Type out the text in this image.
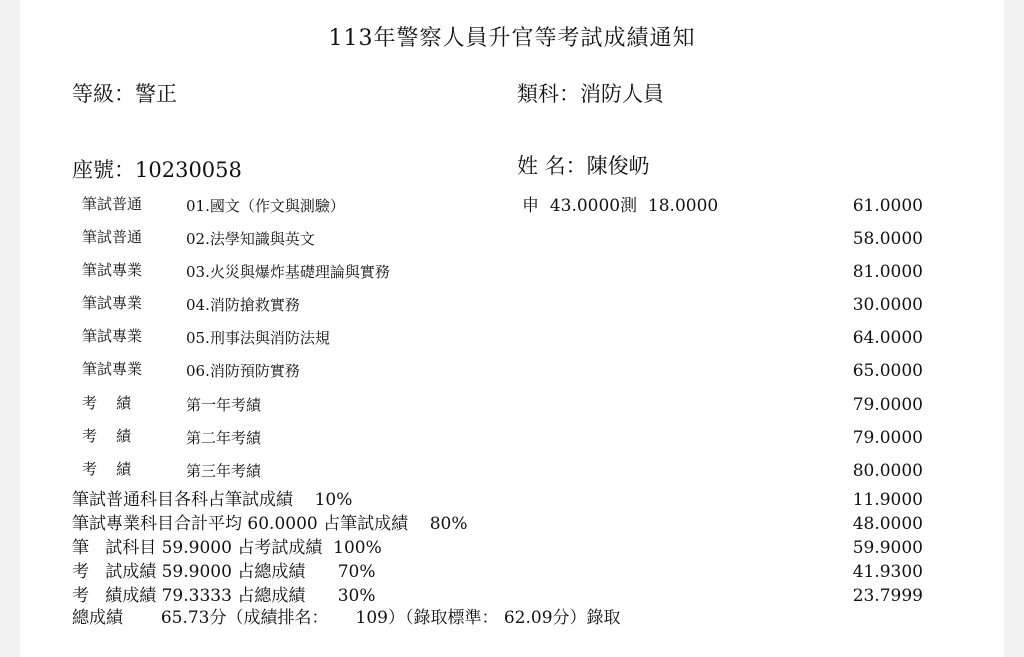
113年警察人員升官等考試成績通知
等級：警正	類科：消防人員
座號：10230058	姓 名：陳俊屷
筆試普通	01.國文（作文與測驗）	申  43.0000測  18.0000	61.0000
筆試普通	02.法學知識與英文	58.0000
筆試專業	03.火災與爆炸基礎理論與實務	81.0000
筆試專業	04.消防搶救實務	30.0000
筆試專業	05.刑事法與消防法規	64.0000
筆試專業	06.消防預防實務	65.0000
考    績	第一年考績	79.0000
考    績	第二年考績	79.0000
考    績	第三年考績	80.0000
筆試普通科目各科占筆試成績    10%	11.9000
筆試專業科目合計平均 60.0000 占筆試成績    80%	48.0000
筆   試科目 59.9000 占考試成績  100%	59.9000
考   試成績 59.9000 占總成績      70%	41.9300
考   績成績 79.3333 占總成績      30%	23.7999
總成績       65.73分（成績排名：     109）（錄取標準： 62.09分）錄取
